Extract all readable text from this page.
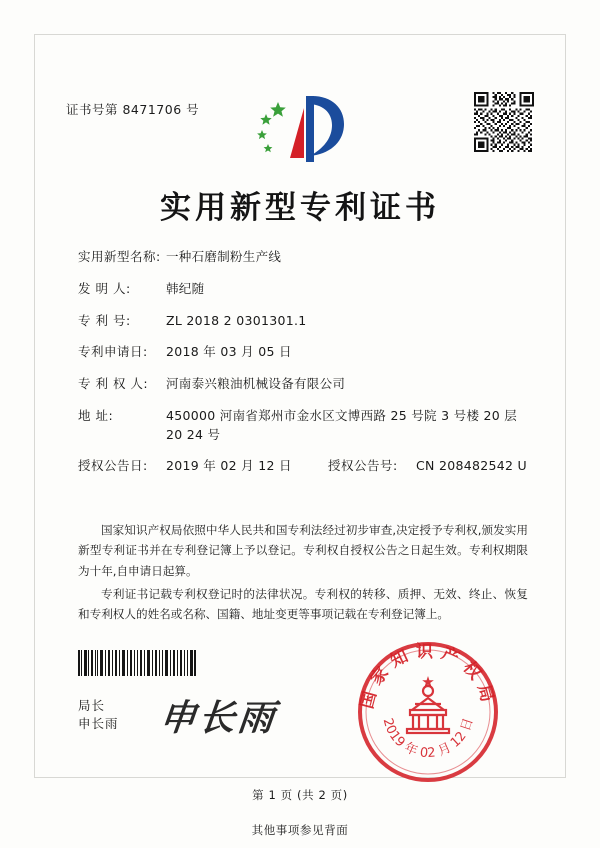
证书号第 8471706 号
实用新型专利证书
实用新型名称: 一种石磨制粉生产线
发 明 人:	韩纪随
专 利 号:	ZL 2018 2 0301301.1
专利申请日:	2018 年 03 月 05 日
专 利 权 人:	河南泰兴粮油机械设备有限公司
地 址:	450000 河南省郑州市金水区文博西路 25 号院 3 号楼 20 层 20 24 号
授权公告日:	2019 年 02 月 12 日	授权公告号:	CN 208482542 U

国家知识产权局依照中华人民共和国专利法经过初步审查,决定授予专利权,颁发实用新型专利证书并在专利登记簿上予以登记。专利权自授权公告之日起生效。专利权期限为十年,自申请日起算。

专利证书记载专利权登记时的法律状况。专利权的转移、质押、无效、终止、恢复和专利权人的姓名或名称、国籍、地址变更等事项记载在专利登记簿上。

局长
申长雨 申长雨
国家知识产权局
2019 年 02 月 12 日
第 1 页 (共 2 页)
其他事项参见背面
